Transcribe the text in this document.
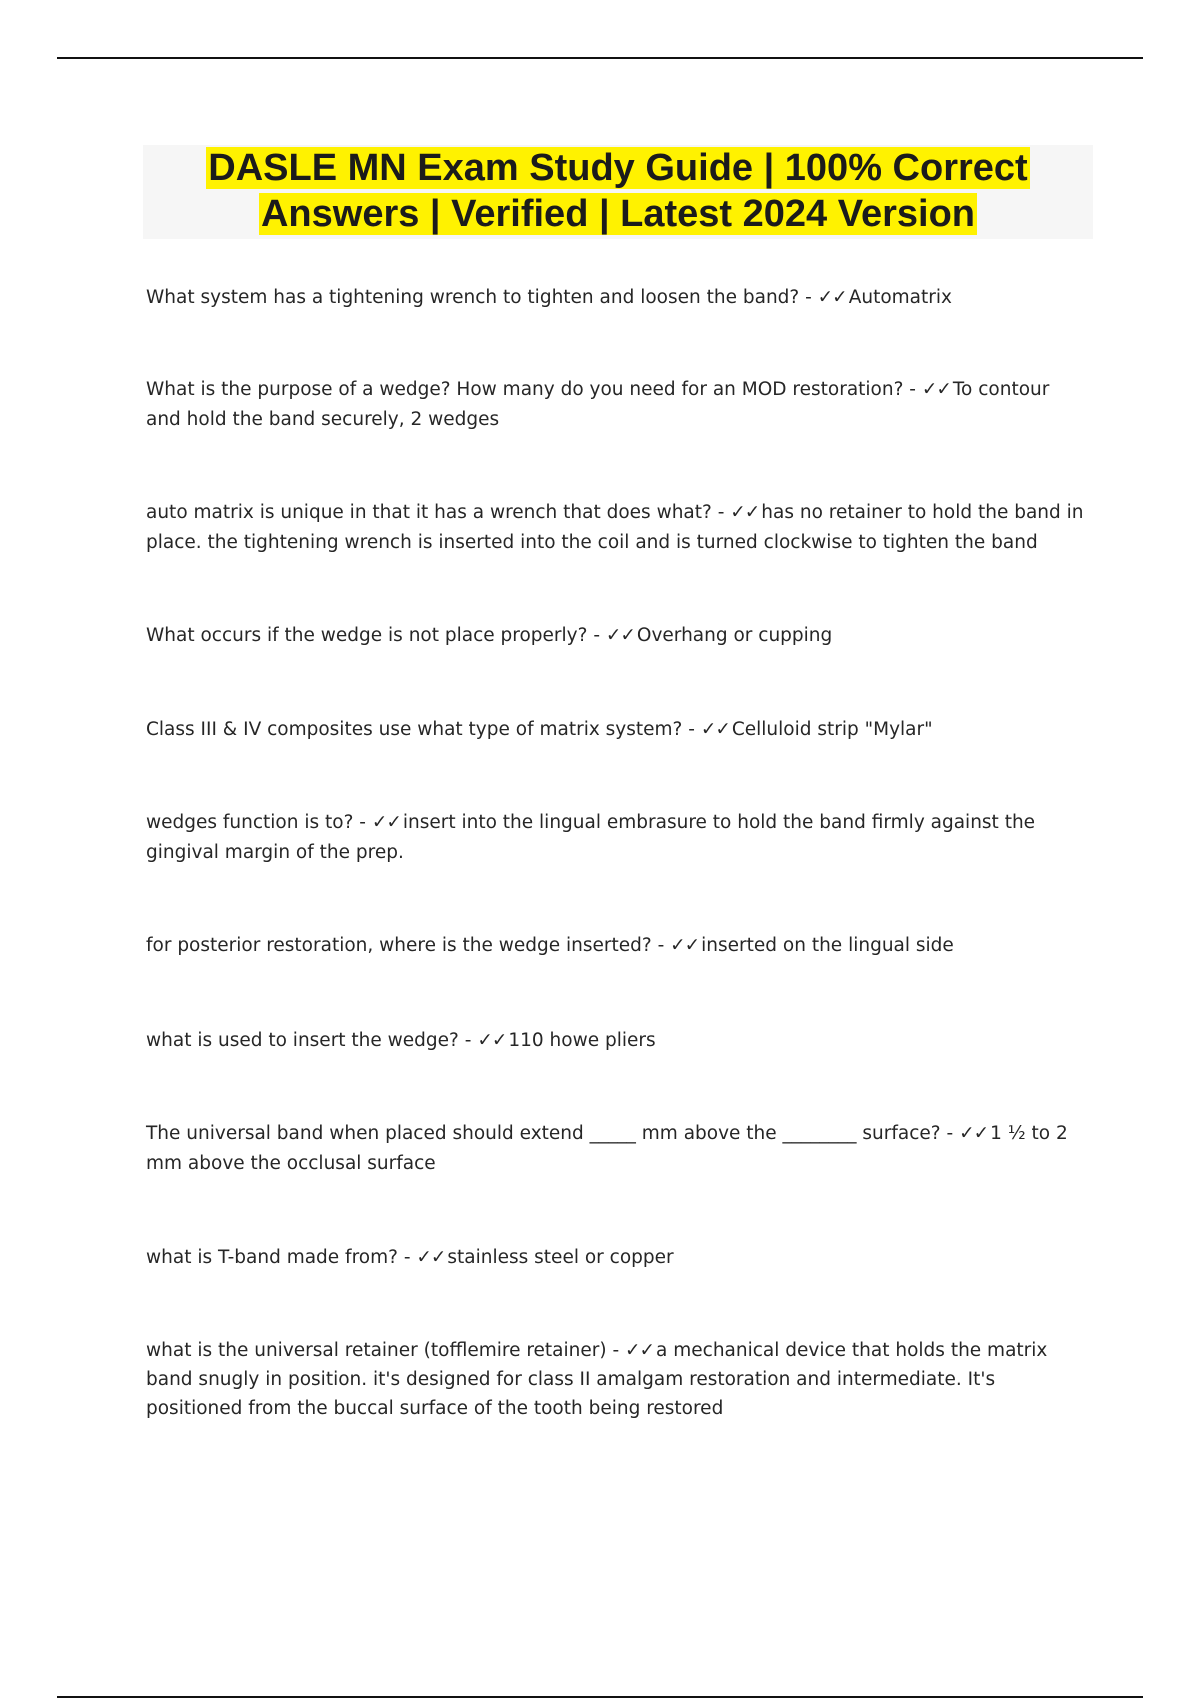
DASLE MN Exam Study Guide | 100% Correct
Answers | Verified | Latest 2024 Version

What system has a tightening wrench to tighten and loosen the band? - ✓✓ Automatrix

What is the purpose of a wedge? How many do you need for an MOD restoration? - ✓✓ To contour and hold the band securely, 2 wedges

auto matrix is unique in that it has a wrench that does what? - ✓✓ has no retainer to hold the band in place. the tightening wrench is inserted into the coil and is turned clockwise to tighten the band

What occurs if the wedge is not place properly? - ✓✓ Overhang or cupping

Class III & IV composites use what type of matrix system? - ✓✓ Celluloid strip "Mylar"

wedges function is to? - ✓✓ insert into the lingual embrasure to hold the band firmly against the gingival margin of the prep.

for posterior restoration, where is the wedge inserted? - ✓✓ inserted on the lingual side

what is used to insert the wedge? - ✓✓ 110 howe pliers

The universal band when placed should extend _____ mm above the ________ surface? - ✓✓ 1 ½ to 2 mm above the occlusal surface

what is T-band made from? - ✓✓ stainless steel or copper

what is the universal retainer (tofflemire retainer) - ✓✓ a mechanical device that holds the matrix band snugly in position. it's designed for class II amalgam restoration and intermediate. It's positioned from the buccal surface of the tooth being restored
